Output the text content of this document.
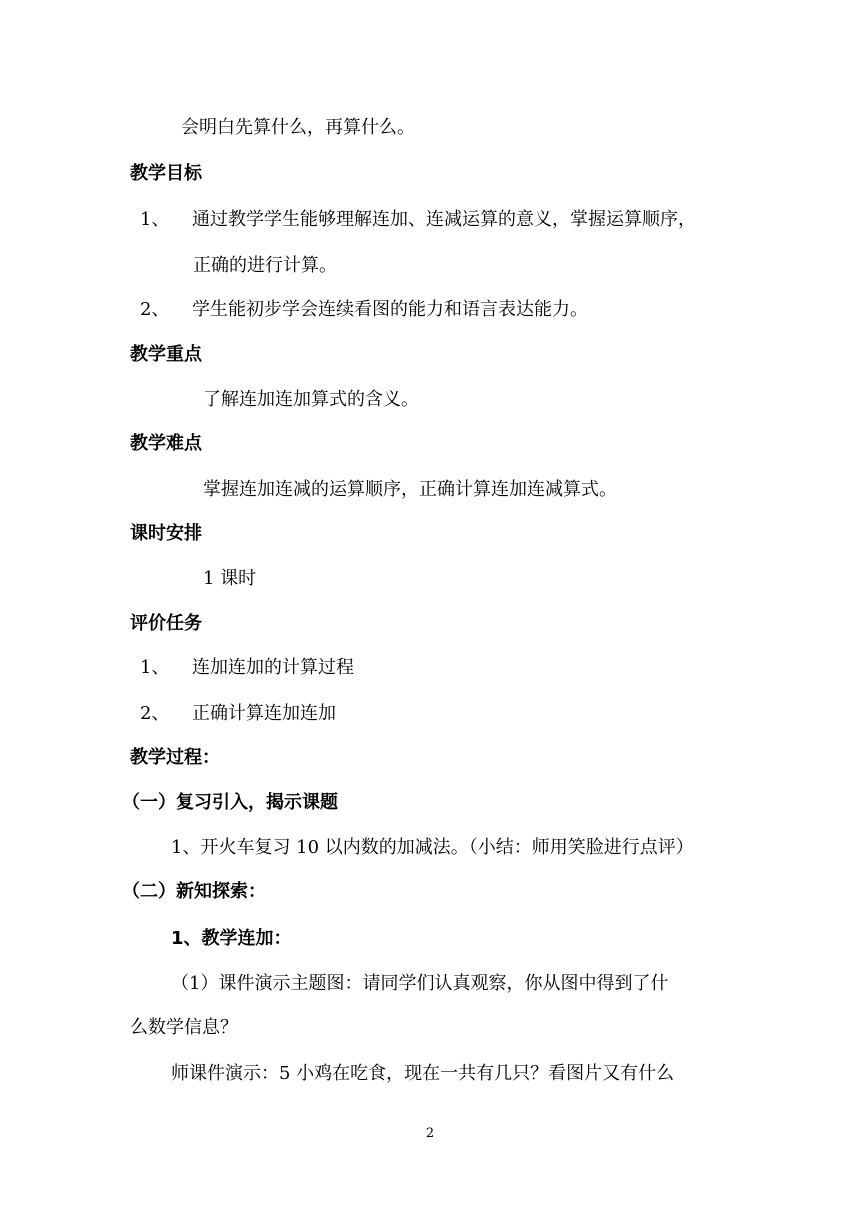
会明白先算什么，再算什么。
教学目标
1、 通过教学学生能够理解连加、连减运算的意义，掌握运算顺序，
正确的进行计算。
2、 学生能初步学会连续看图的能力和语言表达能力。
教学重点
了解连加连加算式的含义。
教学难点
掌握连加连减的运算顺序，正确计算连加连减算式。
课时安排
1 课时
评价任务
1、 连加连加的计算过程
2、 正确计算连加连加
教学过程：
（一）复习引入，揭示课题
1、开火车复习 10 以内数的加减法。（小结：师用笑脸进行点评）
（二）新知探索：
1、教学连加：
（1）课件演示主题图：请同学们认真观察，你从图中得到了什
么数学信息？
师课件演示：5 小鸡在吃食，现在一共有几只？看图片又有什么
2
